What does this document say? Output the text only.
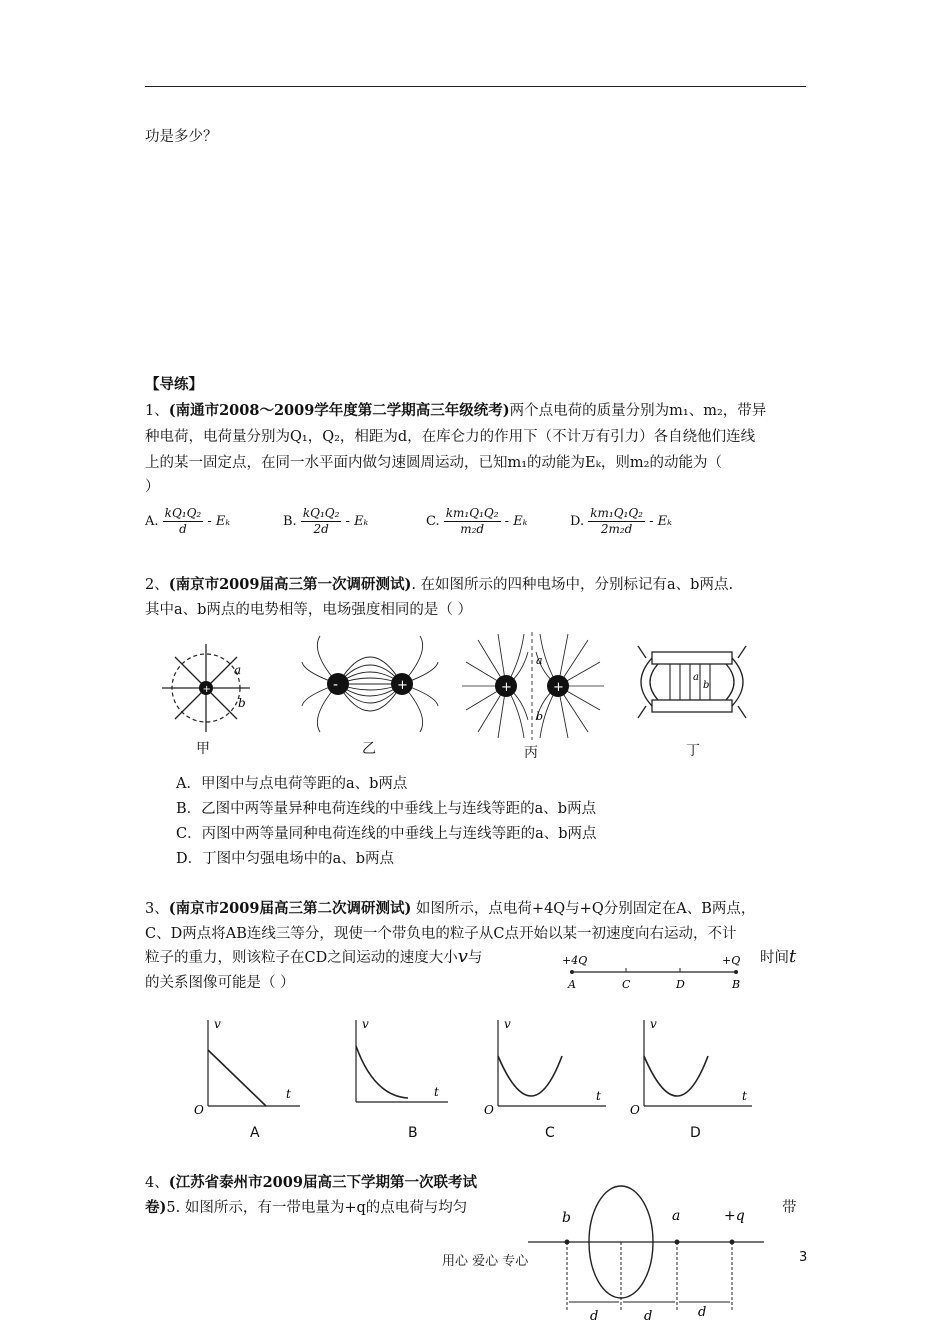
功是多少？
【导练】
1、(南通市2008～2009学年度第二学期高三年级统考)两个点电荷的质量分别为m₁、m₂，带异
种电荷，电荷量分别为Q₁，Q₂，相距为d，在库仑力的作用下（不计万有引力）各自绕他们连线
上的某一固定点，在同一水平面内做匀速圆周运动，已知m₁的动能为Eₖ，则m₂的动能为（
）
A. $\frac{\text{kQ₁Q₂}}{d}$ - Eₖ	B. $\frac{\text{kQ₁Q₂}}{2d}$ - Eₖ	C. $\frac{\text{km₁Q₁Q₂}}{\text{m₂d}}$ - Eₖ	D. $\frac{\text{km₁Q₁Q₂}}{\text{2m₂d}}$ - Eₖ
2、(南京市2009届高三第一次调研测试). 在如图所示的四种电场中，分别标记有a、b两点.
其中a、b两点的电势相等，电场强度相同的是（ ）
+
a
b
-	+	+	+
a
b
a
b
甲	乙	丙	丁
A．甲图中与点电荷等距的a、b两点
B．乙图中两等量异种电荷连线的中垂线上与连线等距的a、b两点
C．丙图中两等量同种电荷连线的中垂线上与连线等距的a、b两点
D．丁图中匀强电场中的a、b两点
3、(南京市2009届高三第二次调研测试) 如图所示，点电荷+4Q与+Q分别固定在A、B两点，
C、D两点将AB连线三等分，现使一个带负电的粒子从C点开始以某一初速度向右运动，不计
粒子的重力，则该粒子在CD之间运动的速度大小v与	时间t
的关系图像可能是（ ）
+4Q	+Q
A	C	D	B
v
t
O
v
t
v
t
O
v
t
O
A	B	C	D
4、(江苏省泰州市2009届高三下学期第一次联考试
卷)5. 如图所示，有一带电量为+q的点电荷与均匀	带
b	a	+q
d	d	d
用心 爱心 专心	3
